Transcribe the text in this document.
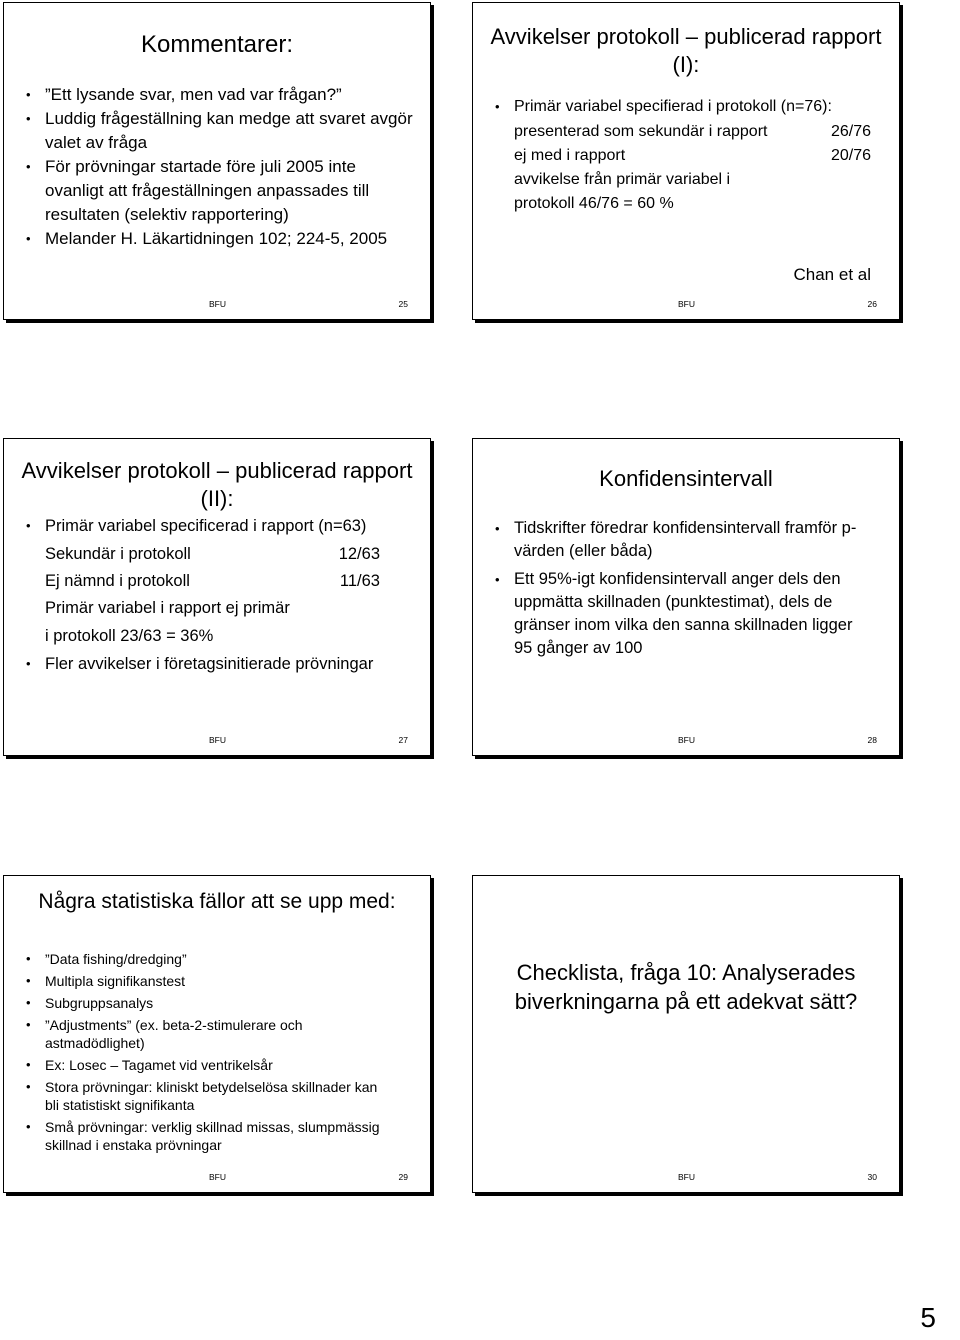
Kommentarer:
• ”Ett lysande svar, men vad var frågan?”
• Luddig frågeställning kan medge att svaret avgör valet av fråga
• För prövningar startade före juli 2005 inte ovanligt att frågeställningen anpassades till resultaten (selektiv rapportering)
• Melander H. Läkartidningen 102; 224-5, 2005
BFU	25
Avvikelser protokoll – publicerad rapport (I):
• Primär variabel specifierad i protokoll (n=76):
presenterad som sekundär i rapport	26/76
ej med i rapport	20/76
avvikelse från primär variabel i
protokoll 46/76 = 60 %
Chan et al
BFU	26
Avvikelser protokoll – publicerad rapport (II):
• Primär variabel specificerad i rapport (n=63)
Sekundär i protokoll	12/63
Ej nämnd i protokoll	11/63
Primär variabel i rapport ej primär
i protokoll 23/63 = 36%
• Fler avvikelser i företagsinitierade prövningar
BFU	27
Konfidensintervall
• Tidskrifter föredrar konfidensintervall framför p-värden (eller båda)
• Ett 95%-igt konfidensintervall anger dels den uppmätta skillnaden (punktestimat), dels de gränser inom vilka den sanna skillnaden ligger 95 gånger av 100
BFU	28
Några statistiska fällor att se upp med:
• ”Data fishing/dredging”
• Multipla signifikanstest
• Subgruppsanalys
• ”Adjustments” (ex. beta-2-stimulerare och astmadödlighet)
• Ex: Losec – Tagamet vid ventrikelsår
• Stora prövningar: kliniskt betydelselösa skillnader kan bli statistiskt signifikanta
• Små prövningar: verklig skillnad missas, slumpmässig skillnad i enstaka prövningar
BFU	29
Checklista, fråga 10: Analyserades biverkningarna på ett adekvat sätt?
BFU	30
5
